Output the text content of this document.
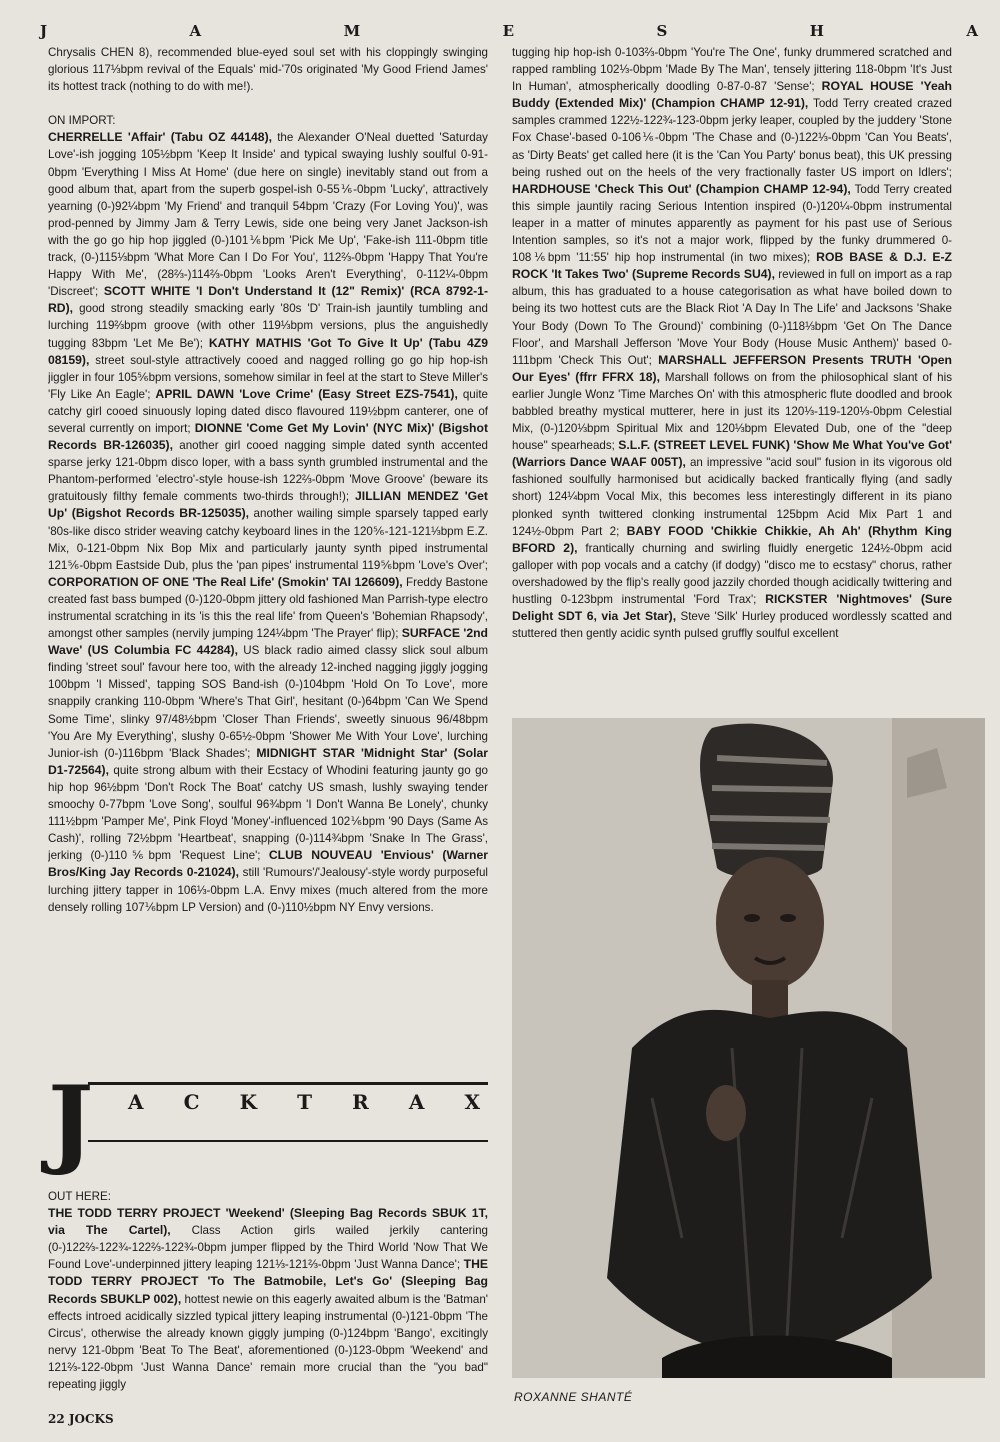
J	A	M	E	S	H	A

Chrysalis CHEN 8), recommended blue-eyed soul set with his cloppingly swinging glorious 117⅓bpm revival of the Equals' mid-'70s originated 'My Good Friend James' its hottest track (nothing to do with me!).

ON IMPORT:

CHERRELLE 'Affair' (Tabu OZ 44148), the Alexander O'Neal duetted 'Saturday Love'-ish jogging 105½bpm 'Keep It Inside' and typical swaying lushly soulful 0-91-0bpm 'Everything I Miss At Home' (due here on single) inevitably stand out from a good album that, apart from the superb gospel-ish 0-55⅙-0bpm 'Lucky', attractively yearning (0-)92¼bpm 'My Friend' and tranquil 54bpm 'Crazy (For Loving You)', was prod-penned by Jimmy Jam & Terry Lewis, side one being very Janet Jackson-ish with the go go hip hop jiggled (0-)101⅙bpm 'Pick Me Up', 'Fake-ish 111-0bpm title track, (0-)115⅓bpm 'What More Can I Do For You', 112⅔-0bpm 'Happy That You're Happy With Me', (28⅔-)114⅔-0bpm 'Looks Aren't Everything', 0-112¼-0bpm 'Discreet'; SCOTT WHITE 'I Don't Understand It (12" Remix)' (RCA 8792-1-RD), good strong steadily smacking early '80s 'D' Train-ish jauntily tumbling and lurching 119⅔bpm groove (with other 119⅓bpm versions, plus the anguishedly tugging 83bpm 'Let Me Be'); KATHY MATHIS 'Got To Give It Up' (Tabu 4Z9 08159), street soul-style attractively cooed and nagged rolling go go hip hop-ish jiggler in four 105⅚bpm versions, somehow similar in feel at the start to Steve Miller's 'Fly Like An Eagle'; APRIL DAWN 'Love Crime' (Easy Street EZS-7541), quite catchy girl cooed sinuously loping dated disco flavoured 119½bpm canterer, one of several currently on import; DIONNE 'Come Get My Lovin' (NYC Mix)' (Bigshot Records BR-126035), another girl cooed nagging simple dated synth accented sparse jerky 121-0bpm disco loper, with a bass synth grumbled instrumental and the Phantom-performed 'electro'-style house-ish 122⅔-0bpm 'Move Groove' (beware its gratuitously filthy female comments two-thirds through!); JILLIAN MENDEZ 'Get Up' (Bigshot Records BR-125035), another wailing simple sparsely tapped early '80s-like disco strider weaving catchy keyboard lines in the 120⅚-121-121⅓bpm E.Z. Mix, 0-121-0bpm Nix Bop Mix and particularly jaunty synth piped instrumental 121⅚-0bpm Eastside Dub, plus the 'pan pipes' instrumental 119⅚bpm 'Love's Over'; CORPORATION OF ONE 'The Real Life' (Smokin' TAI 126609), Freddy Bastone created fast bass bumped (0-)120-0bpm jittery old fashioned Man Parrish-type electro instrumental scratching in its 'is this the real life' from Queen's 'Bohemian Rhapsody', amongst other samples (nervily jumping 124¼bpm 'The Prayer' flip); SURFACE '2nd Wave' (US Columbia FC 44284), US black radio aimed classy slick soul album finding 'street soul' favour here too, with the already 12-inched nagging jiggly jogging 100bpm 'I Missed', tapping SOS Band-ish (0-)104bpm 'Hold On To Love', more snappily cranking 110-0bpm 'Where's That Girl', hesitant (0-)64bpm 'Can We Spend Some Time', slinky 97/48½bpm 'Closer Than Friends', sweetly sinuous 96/48bpm 'You Are My Everything', slushy 0-65½-0bpm 'Shower Me With Your Love', lurching Junior-ish (0-)116bpm 'Black Shades'; MIDNIGHT STAR 'Midnight Star' (Solar D1-72564), quite strong album with their Ecstacy of Whodini featuring jaunty go go hip hop 96½bpm 'Don't Rock The Boat' catchy US smash, lushly swaying tender smoochy 0-77bpm 'Love Song', soulful 96¾bpm 'I Don't Wanna Be Lonely', chunky 111½bpm 'Pamper Me', Pink Floyd 'Money'-influenced 102⅙bpm '90 Days (Same As Cash)', rolling 72½bpm 'Heartbeat', snapping (0-)114¾bpm 'Snake In The Grass', jerking (0-)110⅚bpm 'Request Line'; CLUB NOUVEAU 'Envious' (Warner Bros/King Jay Records 0-21024), still 'Rumours'/'Jealousy'-style wordy purposeful lurching jittery tapper in 106⅓-0bpm L.A. Envy mixes (much altered from the more densely rolling 107⅙bpm LP Version) and (0-)110½bpm NY Envy versions.

J A C K T R A X

OUT HERE:

THE TODD TERRY PROJECT 'Weekend' (Sleeping Bag Records SBUK 1T, via The Cartel), Class Action girls wailed jerkily cantering (0-)122⅔-122¾-122⅔-122¾-0bpm jumper flipped by the Third World 'Now That We Found Love'-underpinned jittery leaping 121⅓-121⅔-0bpm 'Just Wanna Dance'; THE TODD TERRY PROJECT 'To The Batmobile, Let's Go' (Sleeping Bag Records SBUKLP 002), hottest newie on this eagerly awaited album is the 'Batman' effects introed acidically sizzled typical jittery leaping instrumental (0-)121-0bpm 'The Circus', otherwise the already known giggly jumping (0-)124bpm 'Bango', excitingly nervy 121-0bpm 'Beat To The Beat', aforementioned (0-)123-0bpm 'Weekend' and 121⅔-122-0bpm 'Just Wanna Dance' remain more crucial than the "you bad" repeating jiggly

tugging hip hop-ish 0-103⅔-0bpm 'You're The One', funky drummered scratched and rapped rambling 102⅓-0bpm 'Made By The Man', tensely jittering 118-0bpm 'It's Just In Human', atmospherically doodling 0-87-0-87 'Sense'; ROYAL HOUSE 'Yeah Buddy (Extended Mix)' (Champion CHAMP 12-91), Todd Terry created crazed samples crammed 122½-122¾-123-0bpm jerky leaper, coupled by the juddery 'Stone Fox Chase'-based 0-106⅙-0bpm 'The Chase and (0-)122⅓-0bpm 'Can You Beats', as 'Dirty Beats' get called here (it is the 'Can You Party' bonus beat), this UK pressing being rushed out on the heels of the very fractionally faster US import on Idlers'; HARDHOUSE 'Check This Out' (Champion CHAMP 12-94), Todd Terry created this simple jauntily racing Serious Intention inspired (0-)120¼-0bpm instrumental leaper in a matter of minutes apparently as payment for his past use of Serious Intention samples, so it's not a major work, flipped by the funky drummered 0-108⅙bpm '11:55' hip hop instrumental (in two mixes); ROB BASE & D.J. E-Z ROCK 'It Takes Two' (Supreme Records SU4), reviewed in full on import as a rap album, this has graduated to a house categorisation as what have boiled down to being its two hottest cuts are the Black Riot 'A Day In The Life' and Jacksons 'Shake Your Body (Down To The Ground)' combining (0-)118⅓bpm 'Get On The Dance Floor', and Marshall Jefferson 'Move Your Body (House Music Anthem)' based 0-111bpm 'Check This Out'; MARSHALL JEFFERSON Presents TRUTH 'Open Our Eyes' (ffrr FFRX 18), Marshall follows on from the philosophical slant of his earlier Jungle Wonz 'Time Marches On' with this atmospheric flute doodled and brook babbled breathy mystical mutterer, here in just its 120⅓-119-120⅓-0bpm Celestial Mix, (0-)120⅓bpm Spiritual Mix and 120⅓bpm Elevated Dub, one of the "deep house" spearheads; S.L.F. (STREET LEVEL FUNK) 'Show Me What You've Got' (Warriors Dance WAAF 005T), an impressive "acid soul" fusion in its vigorous old fashioned soulfully harmonised but acidically backed frantically flying (and sadly short) 124¼bpm Vocal Mix, this becomes less interestingly different in its piano plonked synth twittered clonking instrumental 125bpm Acid Mix Part 1 and 124½-0bpm Part 2; BABY FOOD 'Chikkie Chikkie, Ah Ah' (Rhythm King BFORD 2), frantically churning and swirling fluidly energetic 124½-0bpm acid galloper with pop vocals and a catchy (if dodgy) "disco me to ecstasy" chorus, rather overshadowed by the flip's really good jazzily chorded though acidically twittering and hustling 0-123bpm instrumental 'Ford Trax'; RICKSTER 'Nightmoves' (Sure Delight SDT 6, via Jet Star), Steve 'Silk' Hurley produced wordlessly scatted and stuttered then gently acidic synth pulsed gruffly soulful excellent

ROXANNE SHANTÉ
22 JOCKS
